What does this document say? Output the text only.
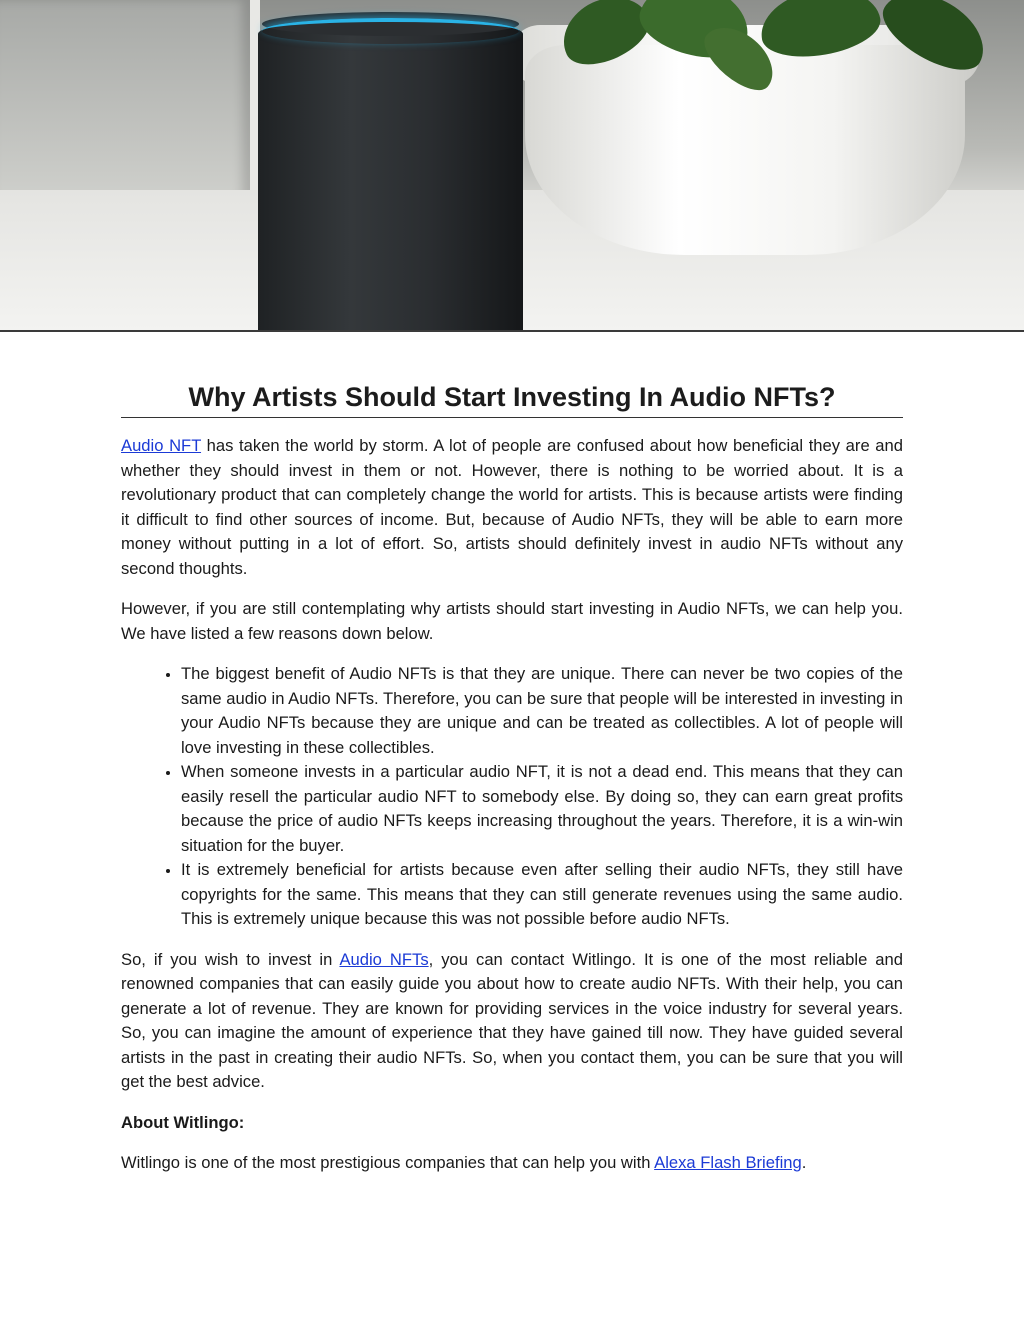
Why Artists Should Start Investing In Audio NFTs?

Audio NFT has taken the world by storm. A lot of people are confused about how beneficial they are and whether they should invest in them or not. However, there is nothing to be worried about. It is a revolutionary product that can completely change the world for artists. This is because artists were finding it difficult to find other sources of income. But, because of Audio NFTs, they will be able to earn more money without putting in a lot of effort. So, artists should definitely invest in audio NFTs without any second thoughts.

However, if you are still contemplating why artists should start investing in Audio NFTs, we can help you. We have listed a few reasons down below.

• The biggest benefit of Audio NFTs is that they are unique. There can never be two copies of the same audio in Audio NFTs. Therefore, you can be sure that people will be interested in investing in your Audio NFTs because they are unique and can be treated as collectibles. A lot of people will love investing in these collectibles.
• When someone invests in a particular audio NFT, it is not a dead end. This means that they can easily resell the particular audio NFT to somebody else. By doing so, they can earn great profits because the price of audio NFTs keeps increasing throughout the years. Therefore, it is a win-win situation for the buyer.
• It is extremely beneficial for artists because even after selling their audio NFTs, they still have copyrights for the same. This means that they can still generate revenues using the same audio. This is extremely unique because this was not possible before audio NFTs.

So, if you wish to invest in Audio NFTs, you can contact Witlingo. It is one of the most reliable and renowned companies that can easily guide you about how to create audio NFTs. With their help, you can generate a lot of revenue. They are known for providing services in the voice industry for several years. So, you can imagine the amount of experience that they have gained till now. They have guided several artists in the past in creating their audio NFTs. So, when you contact them, you can be sure that you will get the best advice.

About Witlingo:

Witlingo is one of the most prestigious companies that can help you with Alexa Flash Briefing.
